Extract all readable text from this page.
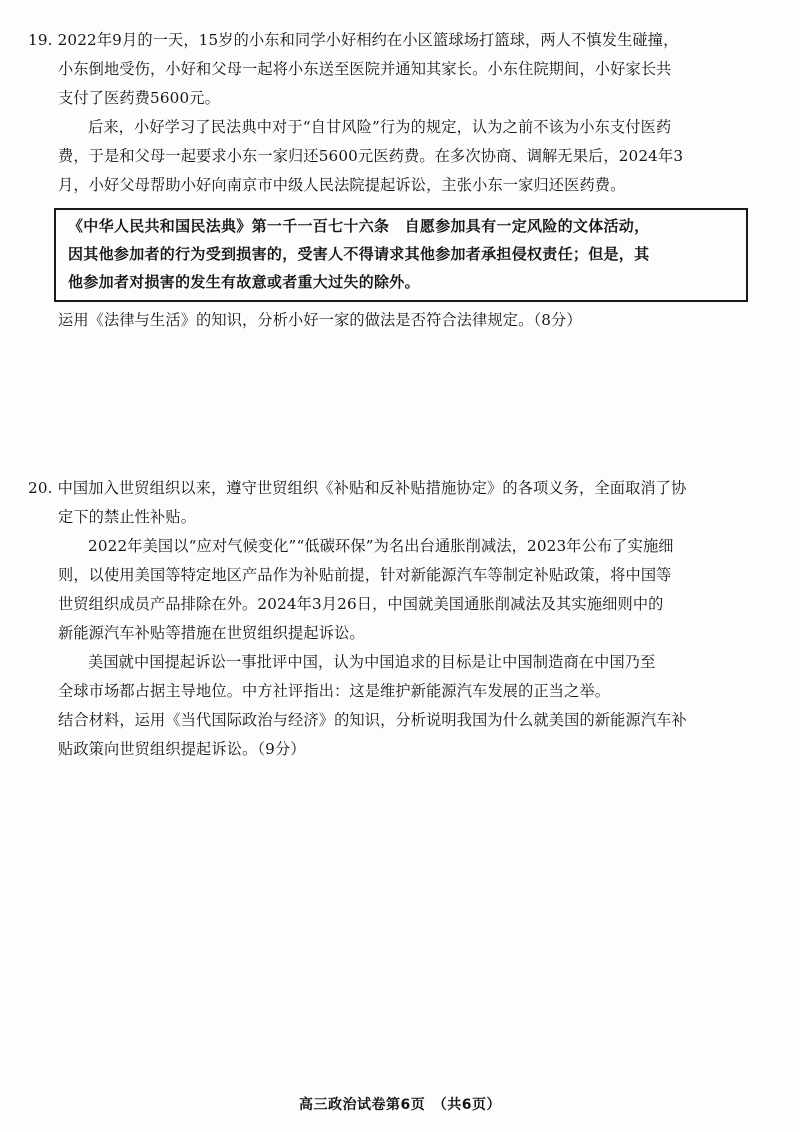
19. 2022年9月的一天，15岁的小东和同学小好相约在小区篮球场打篮球，两人不慎发生碰撞，
小东倒地受伤，小好和父母一起将小东送至医院并通知其家长。小东住院期间，小好家长共
支付了医药费5600元。
后来，小好学习了民法典中对于“自甘风险”行为的规定，认为之前不该为小东支付医药
费，于是和父母一起要求小东一家归还5600元医药费。在多次协商、调解无果后，2024年3
月，小好父母帮助小好向南京市中级人民法院提起诉讼，主张小东一家归还医药费。
《中华人民共和国民法典》第一千一百七十六条　自愿参加具有一定风险的文体活动，
因其他参加者的行为受到损害的，受害人不得请求其他参加者承担侵权责任；但是，其
他参加者对损害的发生有故意或者重大过失的除外。
运用《法律与生活》的知识，分析小好一家的做法是否符合法律规定。（8分）
20. 中国加入世贸组织以来，遵守世贸组织《补贴和反补贴措施协定》的各项义务，全面取消了协
定下的禁止性补贴。
2022年美国以“应对气候变化”“低碳环保”为名出台通胀削减法，2023年公布了实施细
则，以使用美国等特定地区产品作为补贴前提，针对新能源汽车等制定补贴政策，将中国等
世贸组织成员产品排除在外。2024年3月26日，中国就美国通胀削减法及其实施细则中的
新能源汽车补贴等措施在世贸组织提起诉讼。
美国就中国提起诉讼一事批评中国，认为中国追求的目标是让中国制造商在中国乃至
全球市场都占据主导地位。中方社评指出：这是维护新能源汽车发展的正当之举。
结合材料，运用《当代国际政治与经济》的知识，分析说明我国为什么就美国的新能源汽车补
贴政策向世贸组织提起诉讼。（9分）
高三政治试卷第6页　（共6页）
